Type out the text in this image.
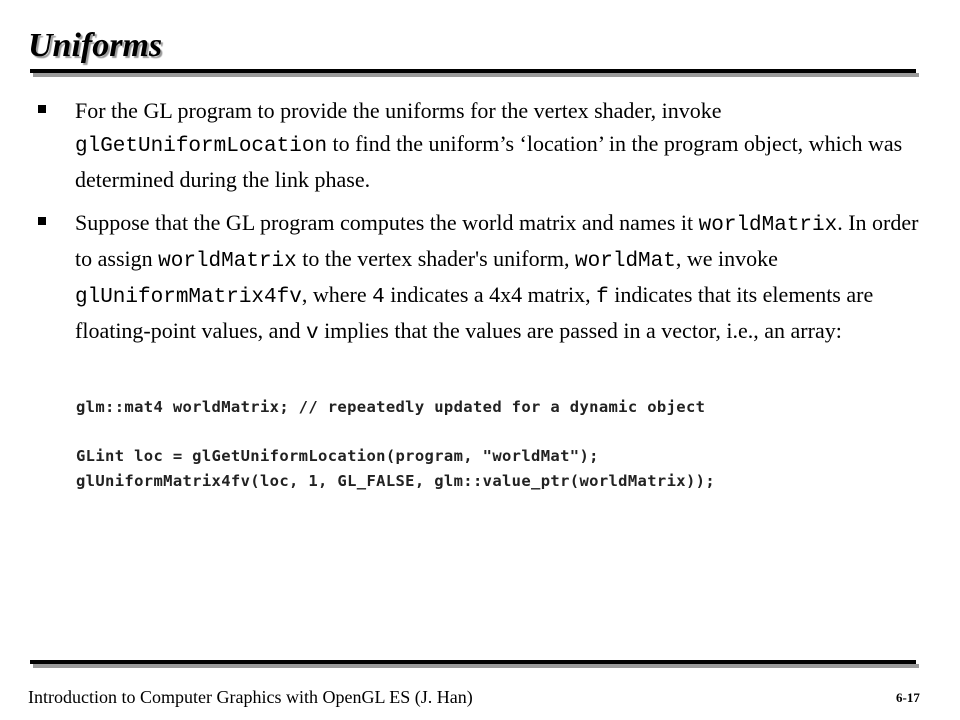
Uniforms
For the GL program to provide the uniforms for the vertex shader, invoke glGetUniformLocation to find the uniform’s ‘location’ in the program object, which was determined during the link phase.
Suppose that the GL program computes the world matrix and names it worldMatrix. In order to assign worldMatrix to the vertex shader's uniform, worldMat, we invoke glUniformMatrix4fv, where 4 indicates a 4x4 matrix, f indicates that its elements are floating-point values, and v implies that the values are passed in a vector, i.e., an array:
glm::mat4 worldMatrix; // repeatedly updated for a dynamic object
GLint loc = glGetUniformLocation(program, "worldMat");
glUniformMatrix4fv(loc, 1, GL_FALSE, glm::value_ptr(worldMatrix));
Introduction to Computer Graphics with OpenGL ES (J. Han)	6-17
